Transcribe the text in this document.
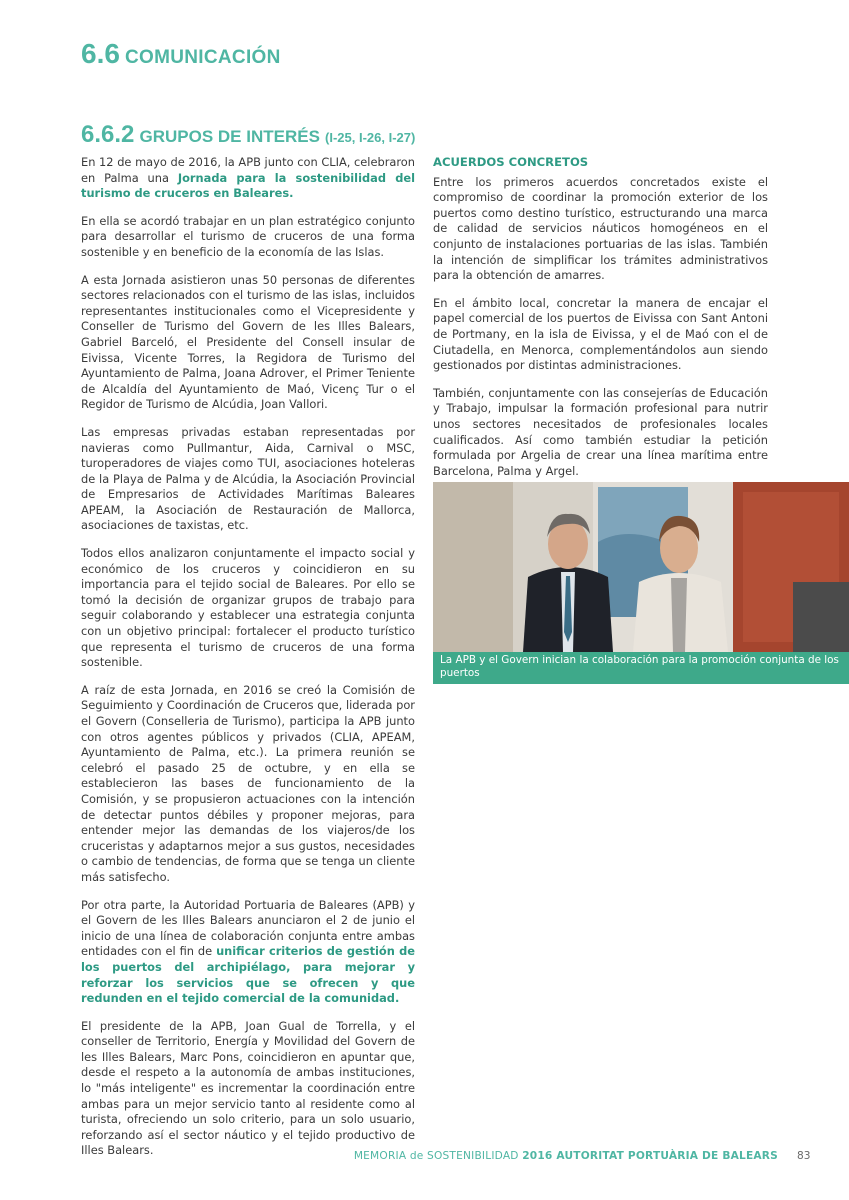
6.6 COMUNICACIÓN
6.6.2 GRUPOS DE INTERÉS (I-25, I-26, I-27)

En 12 de mayo de 2016, la APB junto con CLIA, celebraron en Palma una Jornada para la sostenibilidad del turismo de cruceros en Baleares.

En ella se acordó trabajar en un plan estratégico conjunto para desarrollar el turismo de cruceros de una forma sostenible y en beneficio de la economía de las Islas.

A esta Jornada asistieron unas 50 personas de diferentes sectores relacionados con el turismo de las islas, incluidos representantes institucionales como el Vicepresidente y Conseller de Turismo del Govern de les Illes Balears, Gabriel Barceló, el Presidente del Consell insular de Eivissa, Vicente Torres, la Regidora de Turismo del Ayuntamiento de Palma, Joana Adrover, el Primer Teniente de Alcaldía del Ayuntamiento de Maó, Vicenç Tur o el Regidor de Turismo de Alcúdia, Joan Vallori.

Las empresas privadas estaban representadas por navieras como Pullmantur, Aida, Carnival o MSC, turoperadores de viajes como TUI, asociaciones hoteleras de la Playa de Palma y de Alcúdia, la Asociación Provincial de Empresarios de Actividades Marítimas Baleares APEAM, la Asociación de Restauración de Mallorca, asociaciones de taxistas, etc.

Todos ellos analizaron conjuntamente el impacto social y económico de los cruceros y coincidieron en su importancia para el tejido social de Baleares. Por ello se tomó la decisión de organizar grupos de trabajo para seguir colaborando y establecer una estrategia conjunta con un objetivo principal: fortalecer el producto turístico que representa el turismo de cruceros de una forma sostenible.

A raíz de esta Jornada, en 2016 se creó la Comisión de Seguimiento y Coordinación de Cruceros que, liderada por el Govern (Conselleria de Turismo), participa la APB junto con otros agentes públicos y privados (CLIA, APEAM, Ayuntamiento de Palma, etc.). La primera reunión se celebró el pasado 25 de octubre, y en ella se establecieron las bases de funcionamiento de la Comisión, y se propusieron actuaciones con la intención de detectar puntos débiles y proponer mejoras, para entender mejor las demandas de los viajeros/de los cruceristas y adaptarnos mejor a sus gustos, necesidades o cambio de tendencias, de forma que se tenga un cliente más satisfecho.

Por otra parte, la Autoridad Portuaria de Baleares (APB) y el Govern de les Illes Balears anunciaron el 2 de junio el inicio de una línea de colaboración conjunta entre ambas entidades con el fin de unificar criterios de gestión de los puertos del archipiélago, para mejorar y reforzar los servicios que se ofrecen y que redunden en el tejido comercial de la comunidad.

El presidente de la APB, Joan Gual de Torrella, y el conseller de Territorio, Energía y Movilidad del Govern de les Illes Balears, Marc Pons, coincidieron en apuntar que, desde el respeto a la autonomía de ambas instituciones, lo "más inteligente" es incrementar la coordinación entre ambas para un mejor servicio tanto al residente como al turista, ofreciendo un solo criterio, para un solo usuario, reforzando así el sector náutico y el tejido productivo de Illes Balears.

ACUERDOS CONCRETOS

Entre los primeros acuerdos concretados existe el compromiso de coordinar la promoción exterior de los puertos como destino turístico, estructurando una marca de calidad de servicios náuticos homogéneos en el conjunto de instalaciones portuarias de las islas. También la intención de simplificar los trámites administrativos para la obtención de amarres.

En el ámbito local, concretar la manera de encajar el papel comercial de los puertos de Eivissa con Sant Antoni de Portmany, en la isla de Eivissa, y el de Maó con el de Ciutadella, en Menorca, complementándolos aun siendo gestionados por distintas administraciones.

También, conjuntamente con las consejerías de Educación y Trabajo, impulsar la formación profesional para nutrir unos sectores necesitados de profesionales locales cualificados. Así como también estudiar la petición formulada por Argelia de crear una línea marítima entre Barcelona, Palma y Argel.

La APB y el Govern inician la colaboración para la promoción conjunta de los puertos
MEMORIA de SOSTENIBILIDAD 2016 AUTORITAT PORTUÀRIA DE BALEARS 83
